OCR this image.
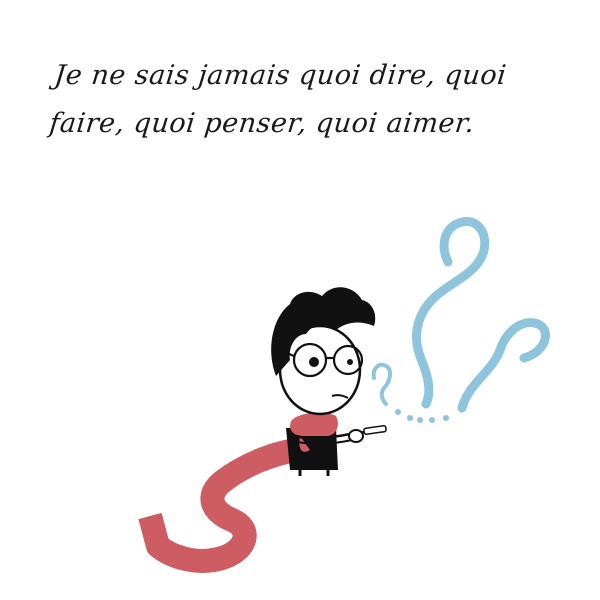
Je ne sais jamais quoi dire, quoi faire, quoi penser, quoi aimer.
